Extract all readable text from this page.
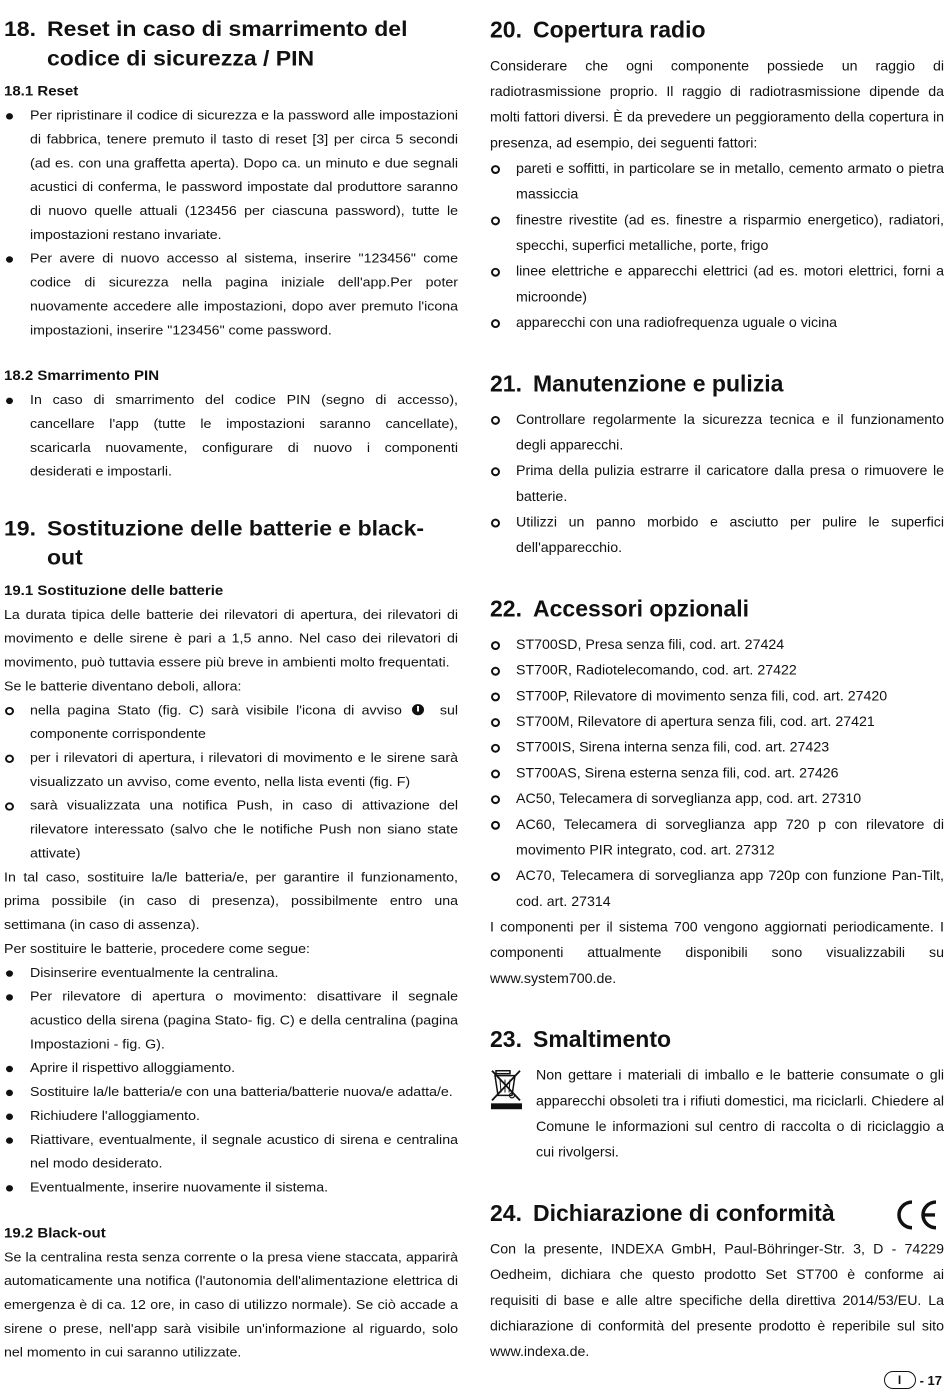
18. Reset in caso di smarrimento del codice di sicurezza / PIN
18.1 Reset
Per ripristinare il codice di sicurezza e la password alle impostazioni di fabbrica, tenere premuto il tasto di reset [3] per circa 5 secondi (ad es. con una graffetta aperta). Dopo ca. un minuto e due segnali acustici di conferma, le password impostate dal produttore saranno di nuovo quelle attuali (123456 per ciascuna password), tutte le impostazioni restano invariate.
Per avere di nuovo accesso al sistema, inserire "123456" come codice di sicurezza nella pagina iniziale dell'app.Per poter nuovamente accedere alle impostazioni, dopo aver premuto l'icona impostazioni, inserire "123456" come password.
18.2 Smarrimento PIN
In caso di smarrimento del codice PIN (segno di accesso), cancellare l'app (tutte le impostazioni saranno cancellate), scaricarla nuovamente, configurare di nuovo i componenti desiderati e impostarli.
19. Sostituzione delle batterie e black-out
19.1 Sostituzione delle batterie

La durata tipica delle batterie dei rilevatori di apertura, dei rilevatori di movimento e delle sirene è pari a 1,5 anno. Nel caso dei rilevatori di movimento, può tuttavia essere più breve in ambienti molto frequentati.

Se le batterie diventano deboli, allora:

nella pagina Stato (fig. C) sarà visibile l'icona di avviso	sul componente corrispondente
per i rilevatori di apertura, i rilevatori di movimento e le sirene sarà visualizzato un avviso, come evento, nella lista eventi (fig. F)
sarà visualizzata una notifica Push, in caso di attivazione del rilevatore interessato (salvo che le notifiche Push non siano state attivate)

In tal caso, sostituire la/le batteria/e, per garantire il funzionamento, prima possibile (in caso di presenza), possibilmente entro una settimana (in caso di assenza).

Per sostituire le batterie, procedere come segue:

Disinserire eventualmente la centralina.
Per rilevatore di apertura o movimento: disattivare il segnale acustico della sirena (pagina Stato- fig. C) e della centralina (pagina Impostazioni - fig. G).
Aprire il rispettivo alloggiamento.
Sostituire la/le batteria/e con una batteria/batterie nuova/e adatta/e.
Richiudere l'alloggiamento.
Riattivare, eventualmente, il segnale acustico di sirena e centralina nel modo desiderato.
Eventualmente, inserire nuovamente il sistema.
19.2 Black-out

Se la centralina resta senza corrente o la presa viene staccata, apparirà automaticamente una notifica (l'autonomia dell'alimentazione elettrica di emergenza è di ca. 12 ore, in caso di utilizzo normale). Se ciò accade a sirene o prese, nell'app sarà visibile un'informazione al riguardo, solo nel momento in cui saranno utilizzate.

20. Copertura radio

Considerare che ogni componente possiede un raggio di radiotrasmissione proprio. Il raggio di radiotrasmissione dipende da molti fattori diversi. È da prevedere un peggioramento della copertura in presenza, ad esempio, dei seguenti fattori:

pareti e soffitti, in particolare se in metallo, cemento armato o pietra massiccia
finestre rivestite (ad es. finestre a risparmio energetico), radiatori, specchi, superfici metalliche, porte, frigo
linee elettriche e apparecchi elettrici (ad es. motori elettrici, forni a microonde)
apparecchi con una radiofrequenza uguale o vicina
21. Manutenzione e pulizia
Controllare regolarmente la sicurezza tecnica e il funzionamento degli apparecchi.
Prima della pulizia estrarre il caricatore dalla presa o rimuovere le batterie.
Utilizzi un panno morbido e asciutto per pulire le superfici dell'apparecchio.
22. Accessori opzionali
ST700SD, Presa senza fili, cod. art. 27424
ST700R, Radiotelecomando, cod. art. 27422
ST700P, Rilevatore di movimento senza fili, cod. art. 27420
ST700M, Rilevatore di apertura senza fili, cod. art. 27421
ST700IS, Sirena interna senza fili, cod. art. 27423
ST700AS, Sirena esterna senza fili, cod. art. 27426
AC50, Telecamera di sorveglianza app, cod. art. 27310
AC60, Telecamera di sorveglianza app 720 p con rilevatore di movimento PIR integrato, cod. art. 27312
AC70, Telecamera di sorveglianza app 720p con funzione Pan-Tilt, cod. art. 27314

I componenti per il sistema 700 vengono aggiornati periodicamente. I componenti attualmente disponibili sono visualizzabili su www.system700.de.

23. Smaltimento

Non gettare i materiali di imballo e le batterie consumate o gli apparecchi obsoleti tra i rifiuti domestici, ma riciclarli. Chiedere al Comune le informazioni sul centro di raccolta o di riciclaggio a cui rivolgersi.

24. Dichiarazione di conformità

Con la presente, INDEXA GmbH, Paul-Böhringer-Str. 3, D - 74229 Oedheim, dichiara che questo prodotto Set ST700 è conforme ai requisiti di base e alle altre specifiche della direttiva 2014/53/EU. La dichiarazione di conformità del presente prodotto è reperibile sul sito www.indexa.de.

I	- 17
